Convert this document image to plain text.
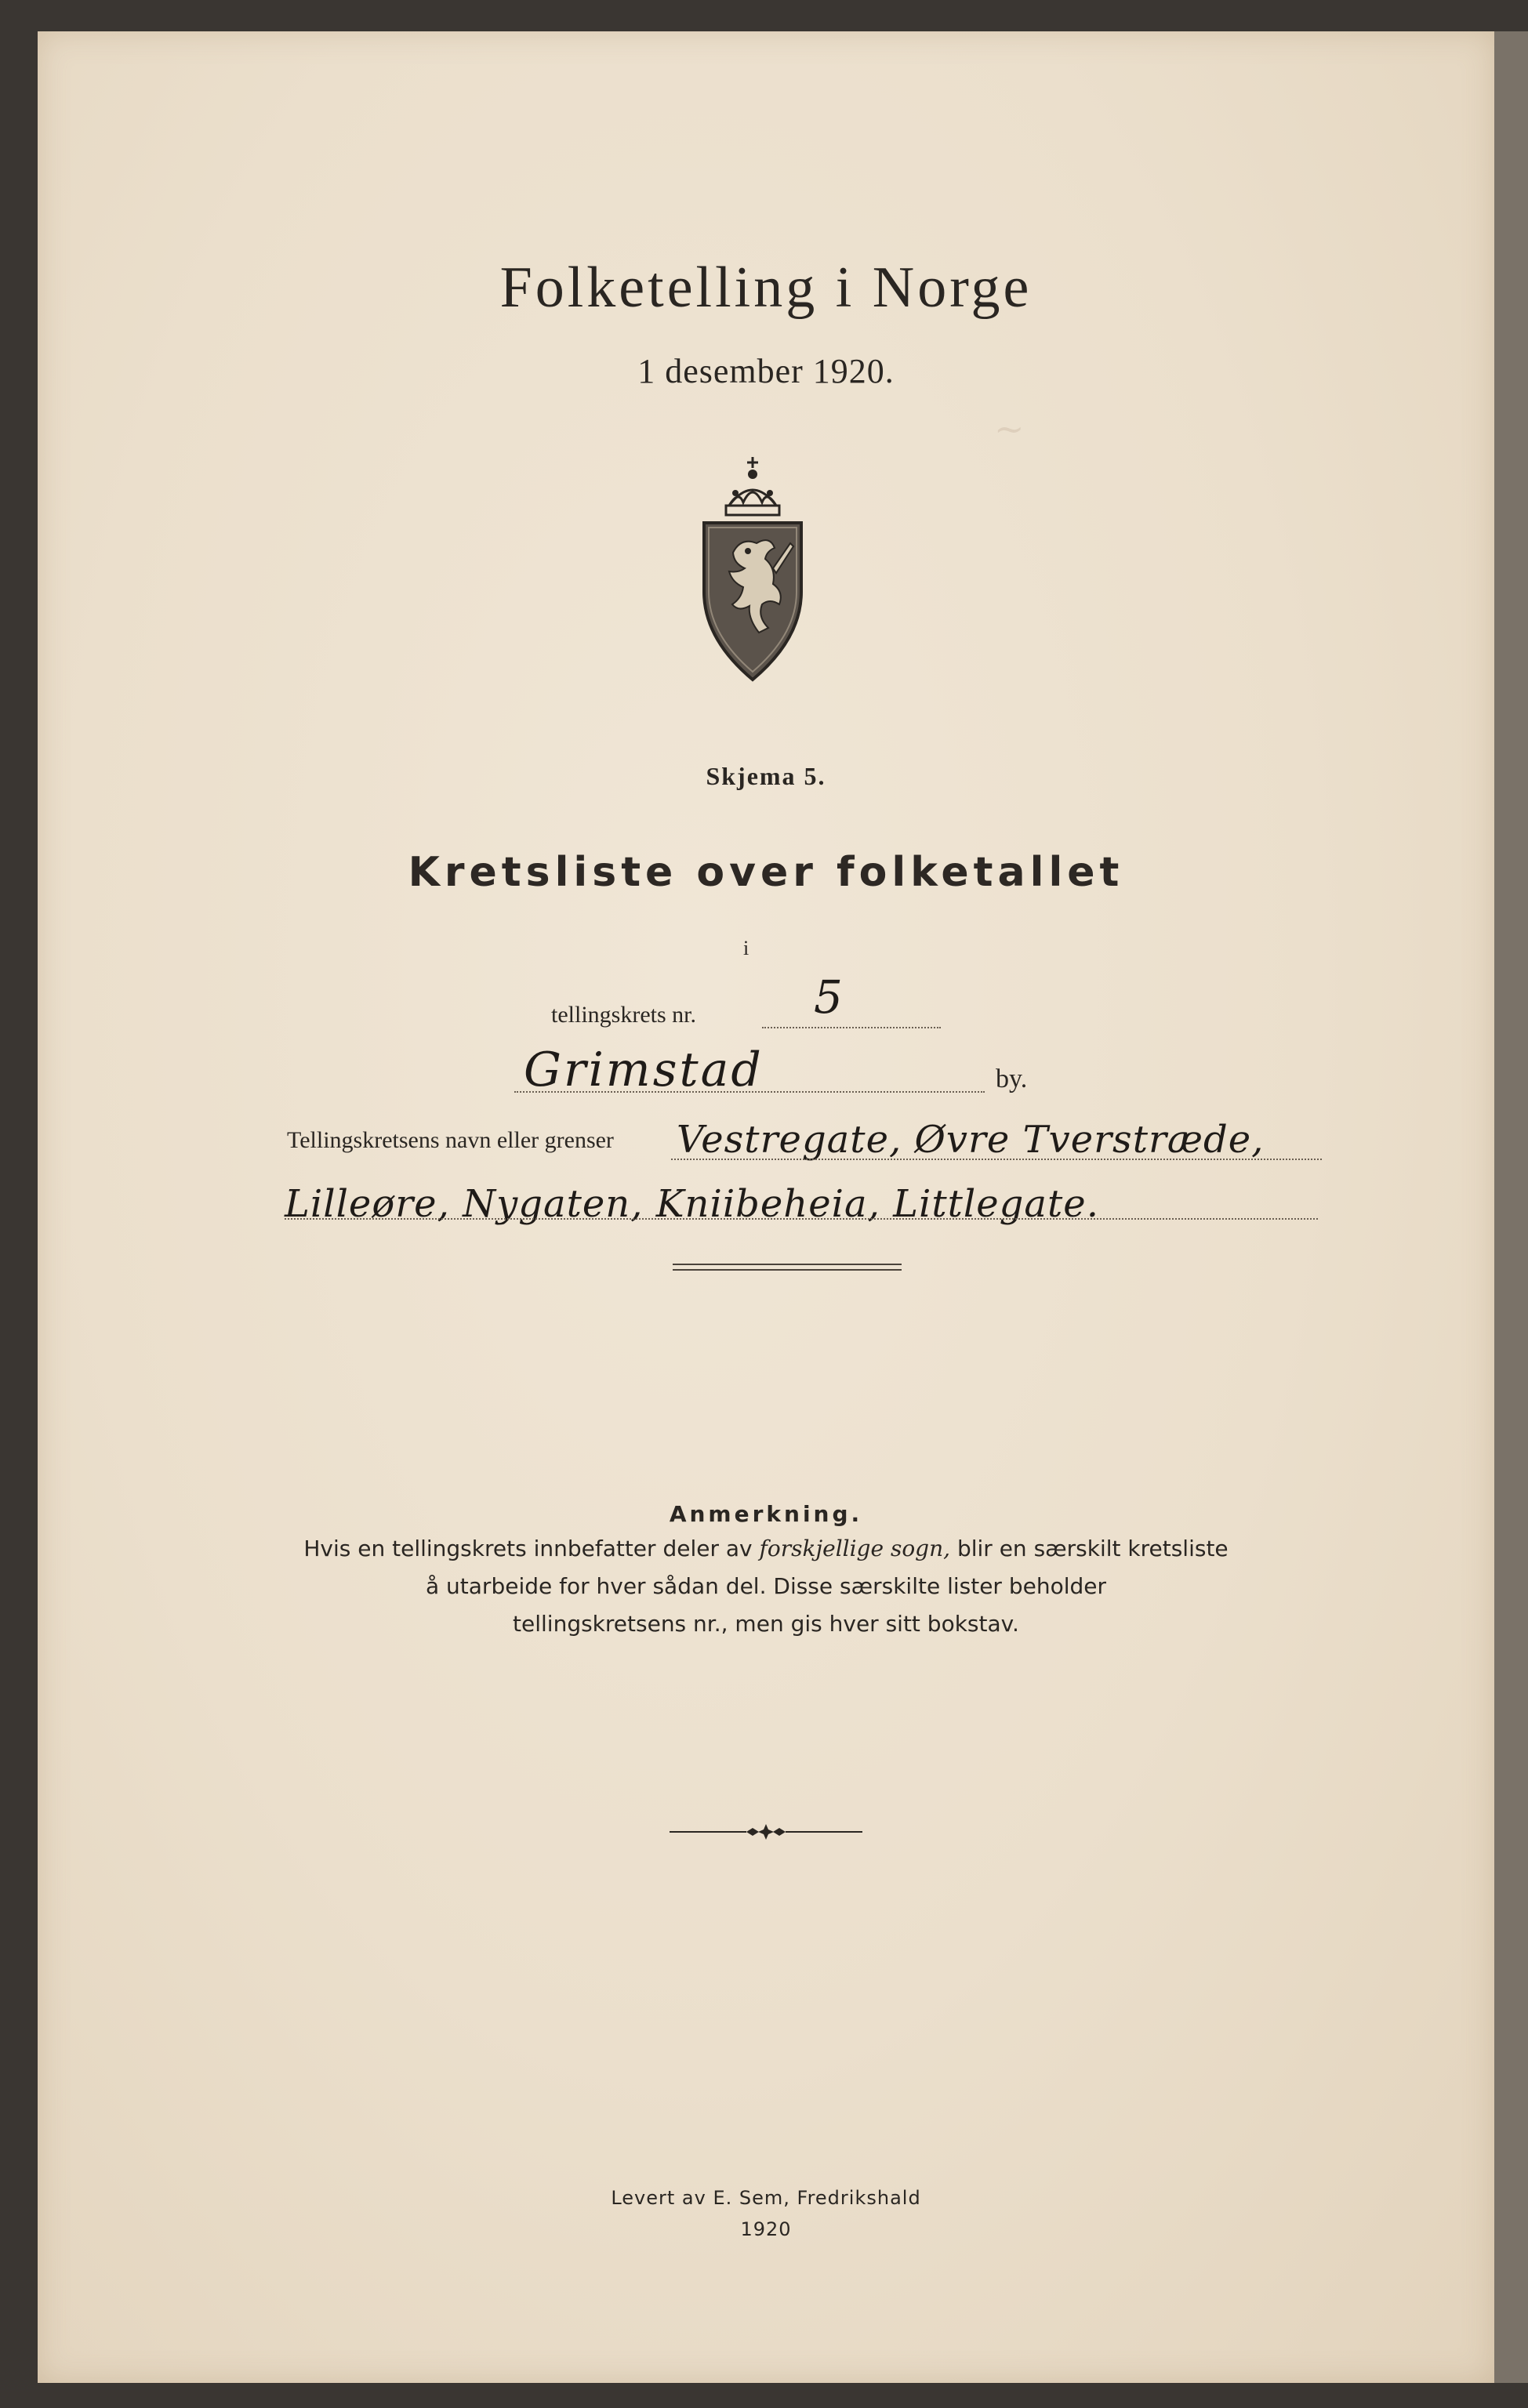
~
Folketelling i Norge
1 desember 1920.
Skjema 5.
Kretsliste over folketallet
i
tellingskrets nr.	5
Grimstad	by.
Tellingskretsens navn eller grenser Vestregate, Øvre Tverstræde,
Lilleøre, Nygaten, Kniibeheia, Littlegate.
Anmerkning.
Hvis en tellingskrets innbefatter deler av forskjellige sogn, blir en særskilt kretsliste
å utarbeide for hver sådan del. Disse særskilte lister beholder
tellingskretsens nr., men gis hver sitt bokstav.
Levert av E. Sem, Fredrikshald
1920
